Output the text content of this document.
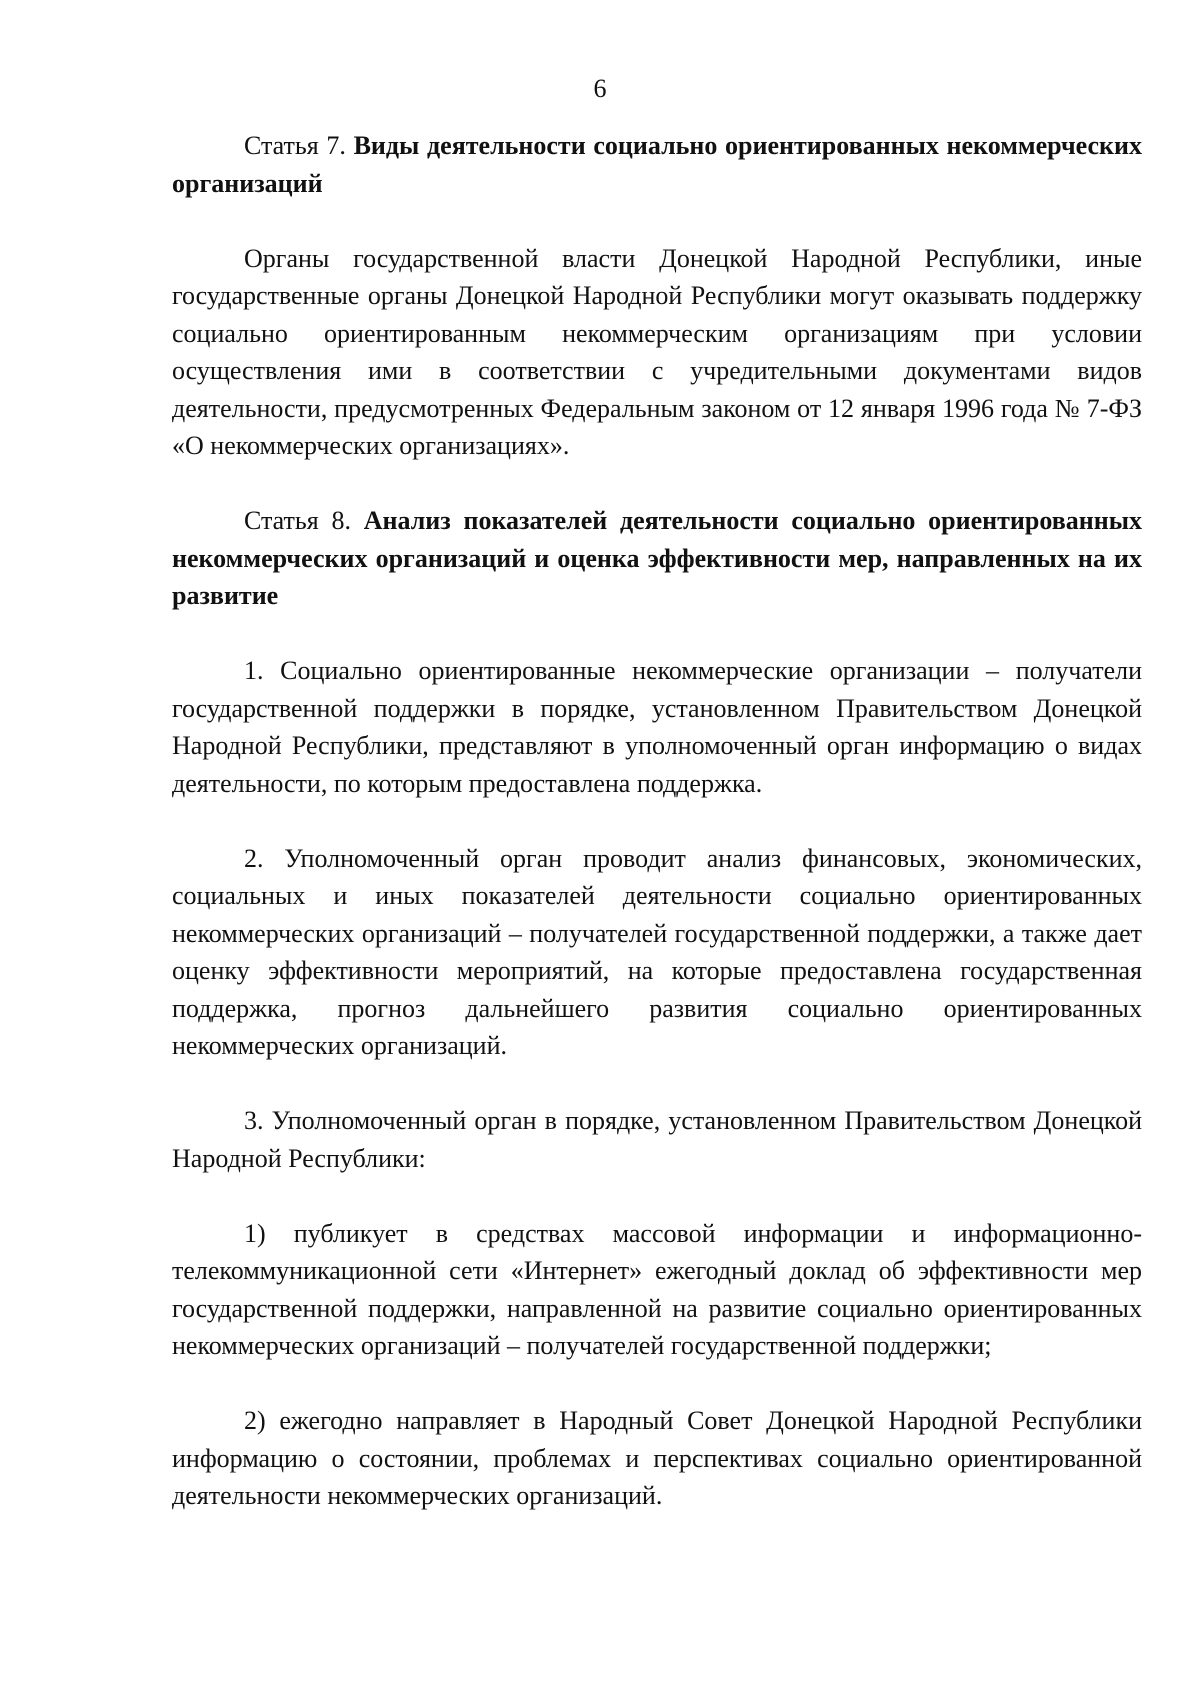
6

Статья 7. Виды деятельности социально ориентированных некоммерческих организаций

Органы государственной власти Донецкой Народной Республики, иные государственные органы Донецкой Народной Республики могут оказывать поддержку социально ориентированным некоммерческим организациям при условии осуществления ими в соответствии с учредительными документами видов деятельности, предусмотренных Федеральным законом от 12 января 1996 года № 7-ФЗ «О некоммерческих организациях».

Статья 8. Анализ показателей деятельности социально ориентированных некоммерческих организаций и оценка эффективности мер, направленных на их развитие

1. Социально ориентированные некоммерческие организации – получатели государственной поддержки в порядке, установленном Правительством Донецкой Народной Республики, представляют в уполномоченный орган информацию о видах деятельности, по которым предоставлена поддержка.

2. Уполномоченный орган проводит анализ финансовых, экономических, социальных и иных показателей деятельности социально ориентированных некоммерческих организаций – получателей государственной поддержки, а также дает оценку эффективности мероприятий, на которые предоставлена государственная поддержка, прогноз дальнейшего развития социально ориентированных некоммерческих организаций.

3. Уполномоченный орган в порядке, установленном Правительством Донецкой Народной Республики:

1) публикует в средствах массовой информации и информационно-телекоммуникационной сети «Интернет» ежегодный доклад об эффективности мер государственной поддержки, направленной на развитие социально ориентированных некоммерческих организаций – получателей государственной поддержки;

2) ежегодно направляет в Народный Совет Донецкой Народной Республики информацию о состоянии, проблемах и перспективах социально ориентированной деятельности некоммерческих организаций.
